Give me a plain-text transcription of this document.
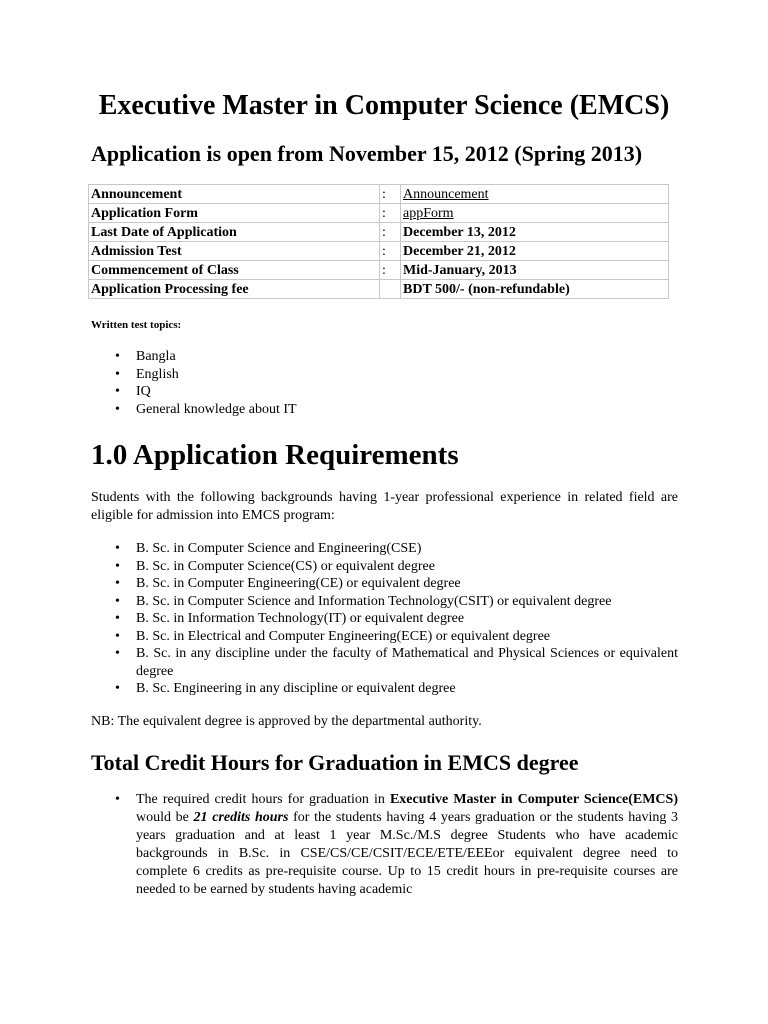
Executive Master in Computer Science (EMCS)
Application is open from November 15, 2012 (Spring 2013)
Announcement	:	Announcement
Application Form	:	appForm
Last Date of Application	:	December 13, 2012
Admission Test	:	December 21, 2012
Commencement of Class	:	Mid-January, 2013
Application Processing fee		BDT 500/- (non-refundable)
Written test topics:
• Bangla
• English
• IQ
• General knowledge about IT
1.0 Application Requirements

Students with the following backgrounds having 1-year professional experience in related field are eligible for admission into EMCS program:

• B. Sc. in Computer Science and Engineering(CSE)
• B. Sc. in Computer Science(CS) or equivalent degree
• B. Sc. in Computer Engineering(CE) or equivalent degree
• B. Sc. in Computer Science and Information Technology(CSIT) or equivalent degree
• B. Sc. in Information Technology(IT) or equivalent degree
• B. Sc. in Electrical and Computer Engineering(ECE) or equivalent degree
• B. Sc. in any discipline under the faculty of Mathematical and Physical Sciences or equivalent degree
• B. Sc. Engineering in any discipline or equivalent degree

NB: The equivalent degree is approved by the departmental authority.

Total Credit Hours for Graduation in EMCS degree
• The required credit hours for graduation in Executive Master in Computer Science(EMCS) would be 21 credits hours for the students having 4 years graduation or the students having 3 years graduation and at least 1 year M.Sc./M.S degree Students who have academic backgrounds in B.Sc. in CSE/CS/CE/CSIT/ECE/ETE/EEEor equivalent degree need to complete 6 credits as pre-requisite course. Up to 15 credit hours in pre-requisite courses are needed to be earned by students having academic
